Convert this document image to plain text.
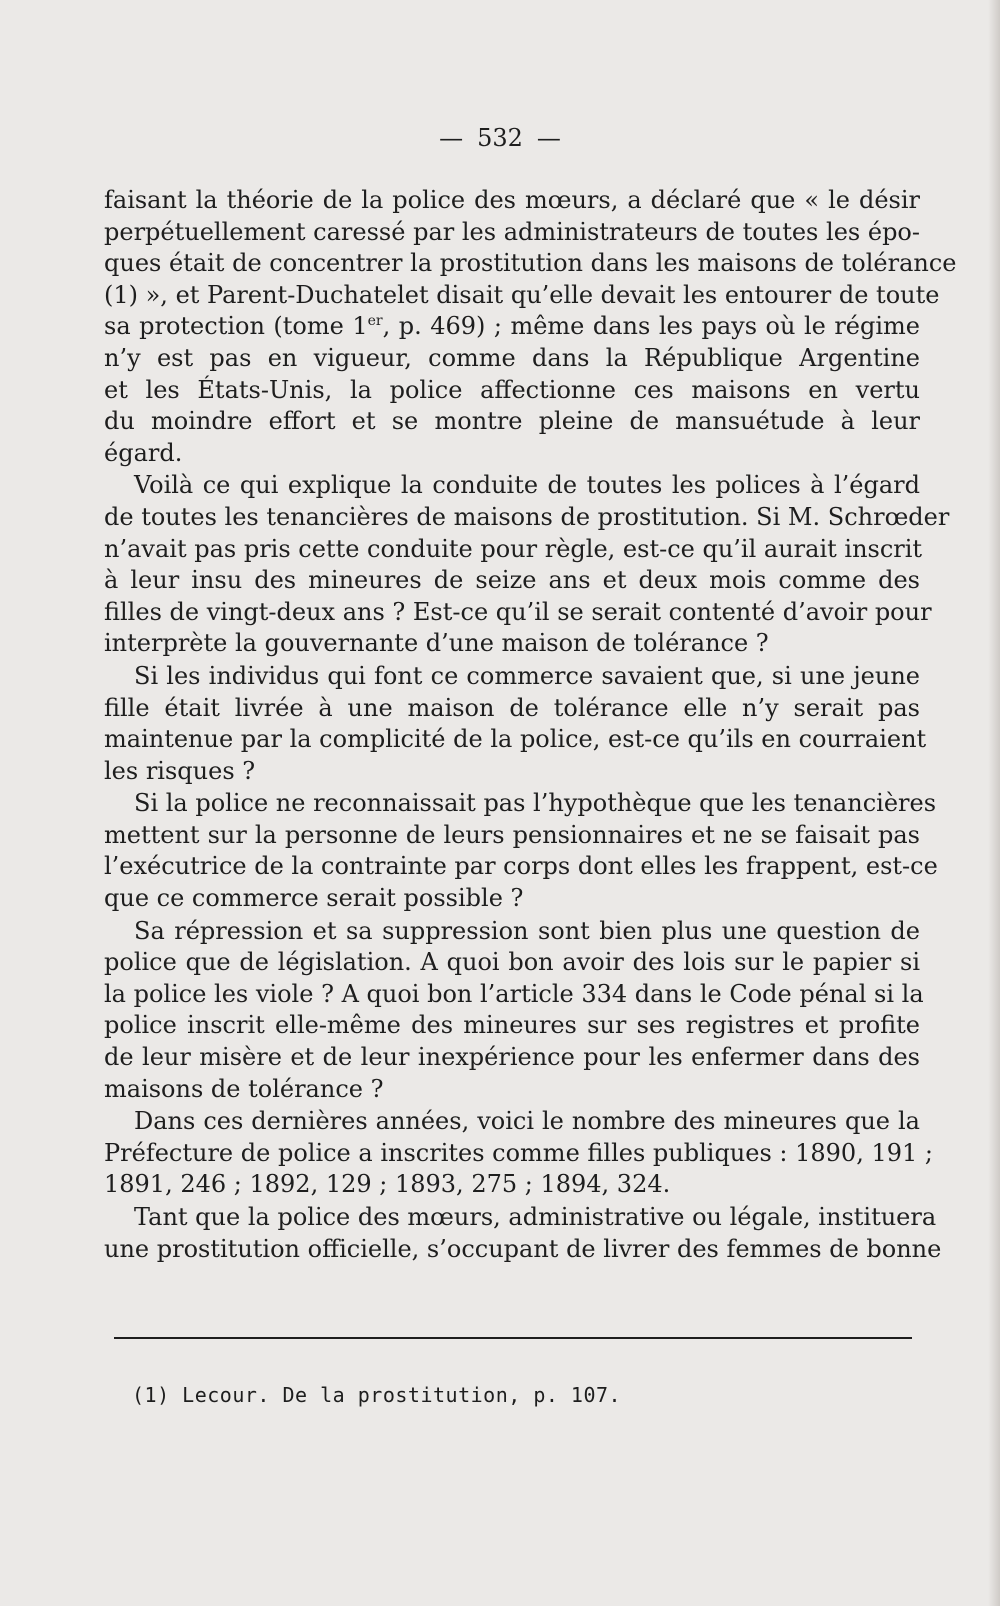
— 532 —
faisant la théorie de la police des mœurs, a déclaré que « le désir
perpétuellement caressé par les administrateurs de toutes les épo-
ques était de concentrer la prostitution dans les maisons de tolérance
(1) », et Parent-Duchatelet disait qu’elle devait les entourer de toute
sa protection (tome 1er, p. 469) ; même dans les pays où le régime
n’y est pas en vigueur, comme dans la République Argentine
et les États-Unis, la police affectionne ces maisons en vertu
du moindre effort et se montre pleine de mansuétude à leur
égard.
Voilà ce qui explique la conduite de toutes les polices à l’égard
de toutes les tenancières de maisons de prostitution. Si M. Schrœder
n’avait pas pris cette conduite pour règle, est-ce qu’il aurait inscrit
à leur insu des mineures de seize ans et deux mois comme des
filles de vingt-deux ans ? Est-ce qu’il se serait contenté d’avoir pour
interprète la gouvernante d’une maison de tolérance ?
Si les individus qui font ce commerce savaient que, si une jeune
fille était livrée à une maison de tolérance elle n’y serait pas
maintenue par la complicité de la police, est-ce qu’ils en courraient
les risques ?
Si la police ne reconnaissait pas l’hypothèque que les tenancières
mettent sur la personne de leurs pensionnaires et ne se faisait pas
l’exécutrice de la contrainte par corps dont elles les frappent, est-ce
que ce commerce serait possible ?
Sa répression et sa suppression sont bien plus une question de
police que de législation. A quoi bon avoir des lois sur le papier si
la police les viole ? A quoi bon l’article 334 dans le Code pénal si la
police inscrit elle-même des mineures sur ses registres et profite
de leur misère et de leur inexpérience pour les enfermer dans des
maisons de tolérance ?
Dans ces dernières années, voici le nombre des mineures que la
Préfecture de police a inscrites comme filles publiques : 1890, 191 ;
1891, 246 ; 1892, 129 ; 1893, 275 ; 1894, 324.
Tant que la police des mœurs, administrative ou légale, instituera
une prostitution officielle, s’occupant de livrer des femmes de bonne
(1) Lecour. De la prostitution, p. 107.
